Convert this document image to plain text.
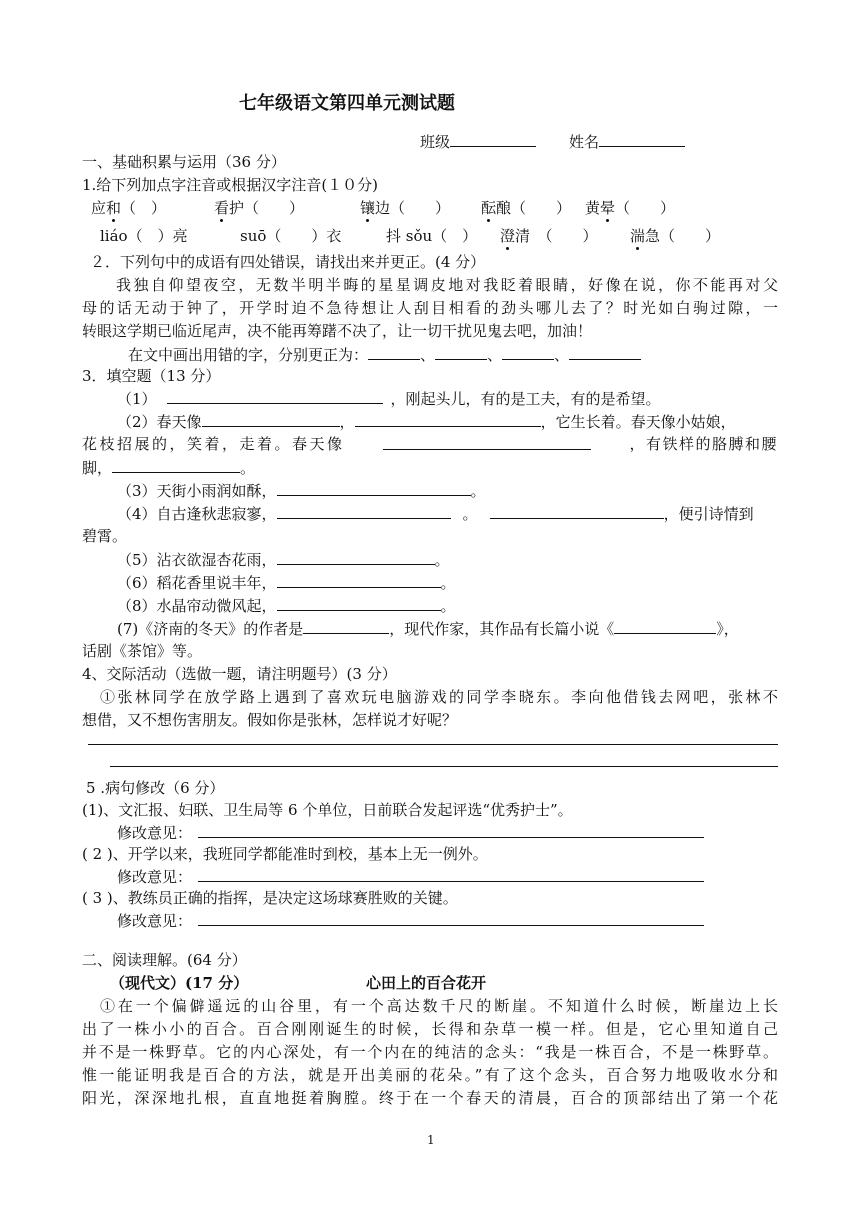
七年级语文第四单元测试题
班级	姓名
一、基础积累与运用（36 分）
1.给下列加点字注音或根据汉字注音(１０分)
应和（　）	看护（　　）	镶边（　　） 酝酿（　　） 黄晕（　　）
liáo（　）亮	suō（　　）衣	抖 sǒu（　） 澄清　（　　） 湍急（　　）
２．下列句中的成语有四处错误，请找出来并更正。(4 分）
我独自仰望夜空，无数半明半晦的星星调皮地对我眨着眼睛，好像在说，你不能再对父
母的话无动于钟了，开学时迫不急待想让人刮目相看的劲头哪儿去了？时光如白驹过隙，一
转眼这学期已临近尾声，决不能再筹躇不决了，让一切干扰见鬼去吧，加油！
在文中画出用错的字，分别更正为：	、	、	、
3．填空题（13 分）
（1）	，刚起头儿，有的是工夫，有的是希望。
（2）春天像	，	，它生长着。春天像小姑娘，
花枝招展的，笑着，走着。春天像	，有铁样的胳膊和腰
脚，	。
（3）天街小雨润如酥，	。
（4）自古逢秋悲寂寥，	。	，便引诗情到
碧霄。
（5）沾衣欲湿杏花雨，	。
（6）稻花香里说丰年，	。
（8）水晶帘动微风起，	。
(7)《济南的冬天》的作者是	，现代作家，其作品有长篇小说《	》，
话剧《茶馆》等。
4、交际活动（选做一题，请注明题号）(3 分）
①张林同学在放学路上遇到了喜欢玩电脑游戏的同学李晓东。李向他借钱去网吧，张林不
想借，又不想伤害朋友。假如你是张林，怎样说才好呢？
5 .病句修改（6 分）
(1)、文汇报、妇联、卫生局等 6 个单位，日前联合发起评选“优秀护士”。
修改意见：
( 2 )、开学以来，我班同学都能准时到校，基本上无一例外。
修改意见：
( 3 )、教练员正确的指挥，是决定这场球赛胜败的关键。
修改意见：
二、阅读理解。(64 分）
（现代文）(17 分）	心田上的百合花开
①在一个偏僻遥远的山谷里，有一个高达数千尺的断崖。不知道什么时候，断崖边上长
出了一株小小的百合。百合刚刚诞生的时候，长得和杂草一模一样。但是，它心里知道自己
并不是一株野草。它的内心深处，有一个内在的纯洁的念头：“我是一株百合，不是一株野草。
惟一能证明我是百合的方法，就是开出美丽的花朵。”有了这个念头，百合努力地吸收水分和
阳光，深深地扎根，直直地挺着胸膛。终于在一个春天的清晨，百合的顶部结出了第一个花
1
